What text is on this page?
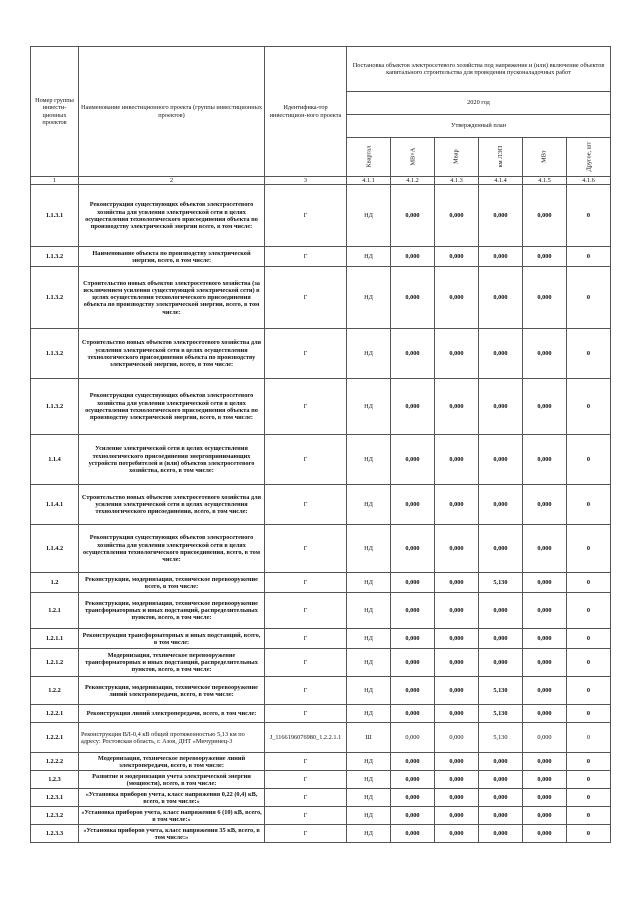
Номер группы инвести-ционных проектов	Наименование инвестиционного проекта (группы инвестиционных проектов)	Идентифика-тор инвестицион-ного проекта	Постановка объектов электросетевого хозяйства под напряжение и (или) включение объектов капитального строительства для проведения пусконаладочных работ					
			2020 год					
			Утвержденный план					
			Квартал	МВ×А	Мвар	км ЛЭП	МВт	Другое, шт
1	2	3	4.1.1	4.1.2	4.1.3	4.1.4	4.1.5	4.1.6
1.1.3.1	Реконструкция существующих объектов электросетевого хозяйства для усиления электрической сети в целях осуществления технологического присоединения объекта по производству электрической энергии всего, в том числе:	Г	НД	0,000	0,000	0,000	0,000	0
1.1.3.2	Наименование объекта по производству электрической энергии, всего, в том числе:	Г	НД	0,000	0,000	0,000	0,000	0
1.1.3.2	Строительство новых объектов электросетевого хозяйства (за исключением усиления существующей электрической сети) в целях осуществления технологического присоединения объекта по производству электрической энергии, всего, в том числе:	Г	НД	0,000	0,000	0,000	0,000	0
1.1.3.2	Строительство новых объектов электросетевого хозяйства для усиления электрической сети в целях осуществления технологического присоединения объекта по производству электрической энергии, всего, в том числе:	Г	НД	0,000	0,000	0,000	0,000	0
1.1.3.2	Реконструкция существующих объектов электросетевого хозяйства для усиления электрической сети в целях осуществления технологического присоединения объекта по производству электрической энергии, всего, в том числе:	Г	НД	0,000	0,000	0,000	0,000	0
1.1.4	Усиление электрической сети в целях осуществления технологического присоединения энергопринимающих устройств потребителей и (или) объектов электросетевого хозяйства, всего, в том числе:	Г	НД	0,000	0,000	0,000	0,000	0
1.1.4.1	Строительство новых объектов электросетевого хозяйства для усиления электрической сети в целях осуществления технологического присоединения, всего, в том числе:	Г	НД	0,000	0,000	0,000	0,000	0
1.1.4.2	Реконструкция существующих объектов электросетевого хозяйства для усиления электрической сети в целях осуществления технологического присоединения, всего, в том числе:	Г	НД	0,000	0,000	0,000	0,000	0
1.2	Реконструкция, модернизация, техническое перевооружение всего, в том числе:	Г	НД	0,000	0,000	5,130	0,000	0
1.2.1	Реконструкция, модернизация, техническое перевооружение трансформаторных и иных подстанций, распределительных пунктов, всего, в том числе:	Г	НД	0,000	0,000	0,000	0,000	0
1.2.1.1	Реконструкция трансформаторных и иных подстанций, всего, в том числе:	Г	НД	0,000	0,000	0,000	0,000	0
1.2.1.2	Модернизация, техническое перевооружение трансформаторных и иных подстанций, распределительных пунктов, всего, в том числе:	Г	НД	0,000	0,000	0,000	0,000	0
1.2.2	Реконструкция, модернизация, техническое перевооружение линий электропередачи, всего, в том числе:	Г	НД	0,000	0,000	5,130	0,000	0
1.2.2.1	Реконструкция линий электропередачи, всего, в том числе:	Г	НД	0,000	0,000	5,130	0,000	0
1.2.2.1	Реконструкция ВЛ-0,4 кВ общей протяженностью 5,13 км по адресу: Ростовская область, г. Азов, ДНТ «Мичуринец-3	J_1166196076980_1.2.2.1.1	Ш	0,000	0,000	5,130	0,000	0
1.2.2.2	Модернизация, техническое перевооружение линий электропередачи, всего, в том числе:	Г	НД	0,000	0,000	0,000	0,000	0
1.2.3	Развитие и модернизация учета электрической энергии (мощности), всего, в том числе:	Г	НД	0,000	0,000	0,000	0,000	0
1.2.3.1	«Установка приборов учета, класс напряжения 0,22 (0,4) кВ, всего, в том числе:»	Г	НД	0,000	0,000	0,000	0,000	0
1.2.3.2	«Установка приборов учета, класс напряжения 6 (10) кВ, всего, в том числе:»	Г	НД	0,000	0,000	0,000	0,000	0
1.2.3.3	«Установка приборов учета, класс напряжения 35 кВ, всего, в том числе:»	Г	НД	0,000	0,000	0,000	0,000	0
